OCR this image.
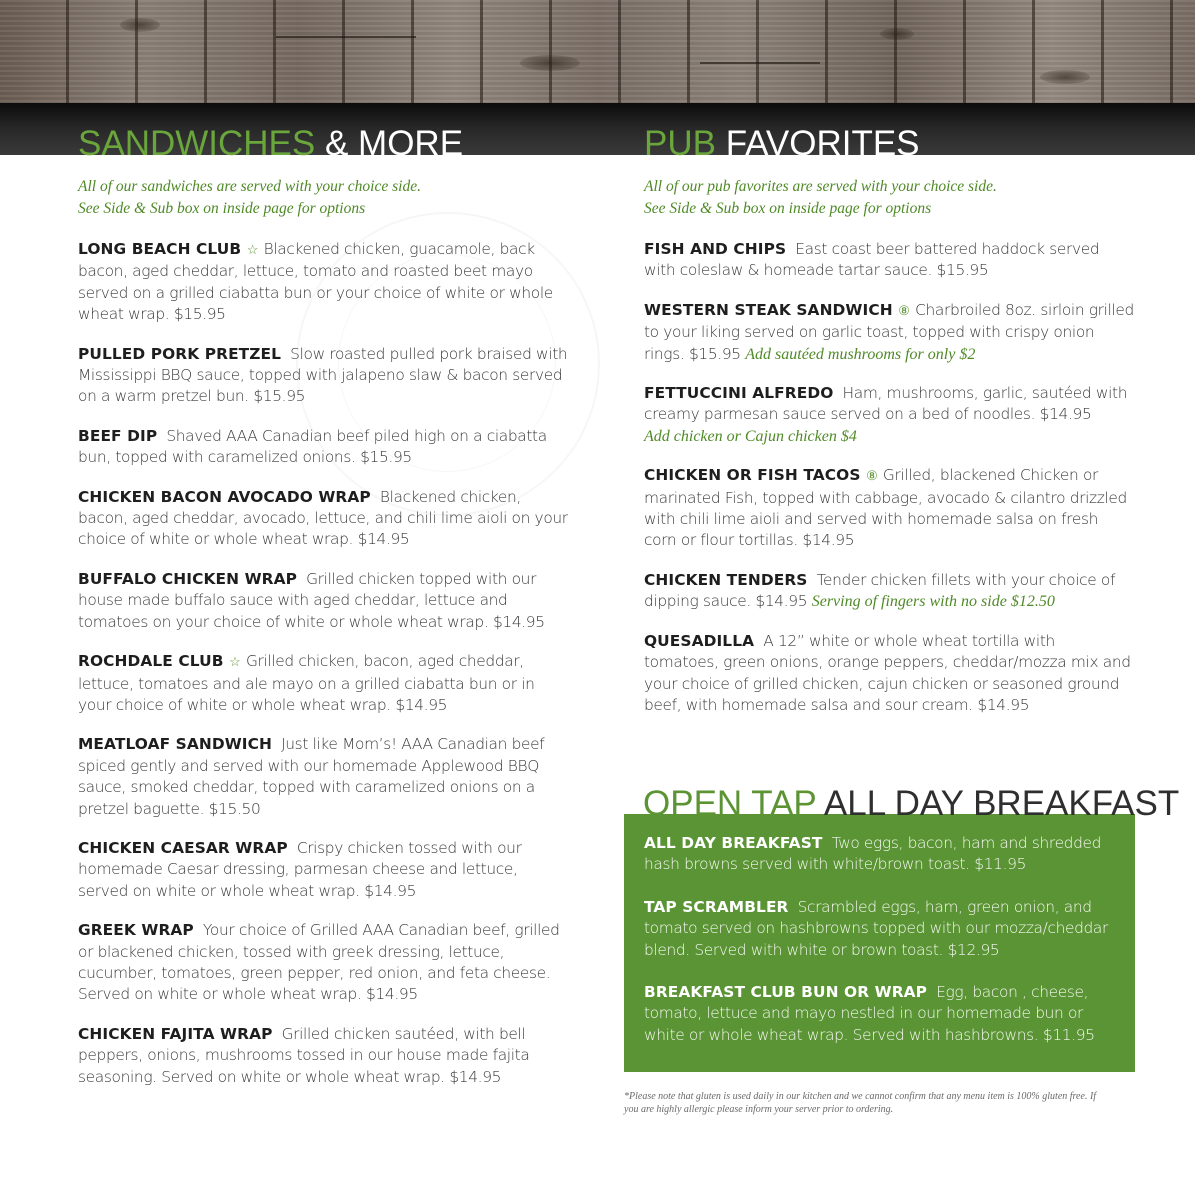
SANDWICHES & MORE	PUB FAVORITES

All of our sandwiches are served with your choice side.
See Side & Sub box on inside page for options

LONG BEACH CLUB ☆ Blackened chicken, guacamole, back bacon, aged cheddar, lettuce, tomato and roasted beet mayo served on a grilled ciabatta bun or your choice of white or whole wheat wrap. $15.95

PULLED PORK PRETZEL Slow roasted pulled pork braised with Mississippi BBQ sauce, topped with jalapeno slaw & bacon served on a warm pretzel bun. $15.95

BEEF DIP Shaved AAA Canadian beef piled high on a ciabatta bun, topped with caramelized onions. $15.95

CHICKEN BACON AVOCADO WRAP Blackened chicken, bacon, aged cheddar, avocado, lettuce, and chili lime aioli on your choice of white or whole wheat wrap. $14.95

BUFFALO CHICKEN WRAP Grilled chicken topped with our house made buffalo sauce with aged cheddar, lettuce and tomatoes on your choice of white or whole wheat wrap. $14.95

ROCHDALE CLUB ☆ Grilled chicken, bacon, aged cheddar, lettuce, tomatoes and ale mayo on a grilled ciabatta bun or in your choice of white or whole wheat wrap. $14.95

MEATLOAF SANDWICH Just like Mom’s! AAA Canadian beef spiced gently and served with our homemade Applewood BBQ sauce, smoked cheddar, topped with caramelized onions on a pretzel baguette. $15.50

CHICKEN CAESAR WRAP Crispy chicken tossed with our homemade Caesar dressing, parmesan cheese and lettuce, served on white or whole wheat wrap. $14.95

GREEK WRAP Your choice of Grilled AAA Canadian beef, grilled or blackened chicken, tossed with greek dressing, lettuce, cucumber, tomatoes, green pepper, red onion, and feta cheese. Served on white or whole wheat wrap. $14.95

CHICKEN FAJITA WRAP Grilled chicken sautéed, with bell peppers, onions, mushrooms tossed in our house made fajita seasoning. Served on white or whole wheat wrap. $14.95

All of our pub favorites are served with your choice side.
See Side & Sub box on inside page for options

FISH AND CHIPS East coast beer battered haddock served with coleslaw & homeade tartar sauce. $15.95

WESTERN STEAK SANDWICH ⑧ Charbroiled 8oz. sirloin grilled to your liking served on garlic toast, topped with crispy onion rings. $15.95 Add sautéed mushrooms for only $2

FETTUCCINI ALFREDO Ham, mushrooms, garlic, sautéed with creamy parmesan sauce served on a bed of noodles. $14.95
Add chicken or Cajun chicken $4

CHICKEN OR FISH TACOS ⑧ Grilled, blackened Chicken or marinated Fish, topped with cabbage, avocado & cilantro drizzled with chili lime aioli and served with homemade salsa on fresh corn or flour tortillas. $14.95

CHICKEN TENDERS Tender chicken fillets with your choice of dipping sauce. $14.95 Serving of fingers with no side $12.50

QUESADILLA A 12” white or whole wheat tortilla with tomatoes, green onions, orange peppers, cheddar/mozza mix and your choice of grilled chicken, cajun chicken or seasoned ground beef, with homemade salsa and sour cream. $14.95

OPEN TAP ALL DAY BREAKFAST

ALL DAY BREAKFAST Two eggs, bacon, ham and shredded hash browns served with white/brown toast. $11.95

TAP SCRAMBLER Scrambled eggs, ham, green onion, and tomato served on hashbrowns topped with our mozza/cheddar blend. Served with white or brown toast. $12.95

BREAKFAST CLUB BUN OR WRAP Egg, bacon , cheese, tomato, lettuce and mayo nestled in our homemade bun or white or whole wheat wrap. Served with hashbrowns. $11.95

*Please note that gluten is used daily in our kitchen and we cannot confirm that any menu item is 100% gluten free. If you are highly allergic please inform your server prior to ordering.
